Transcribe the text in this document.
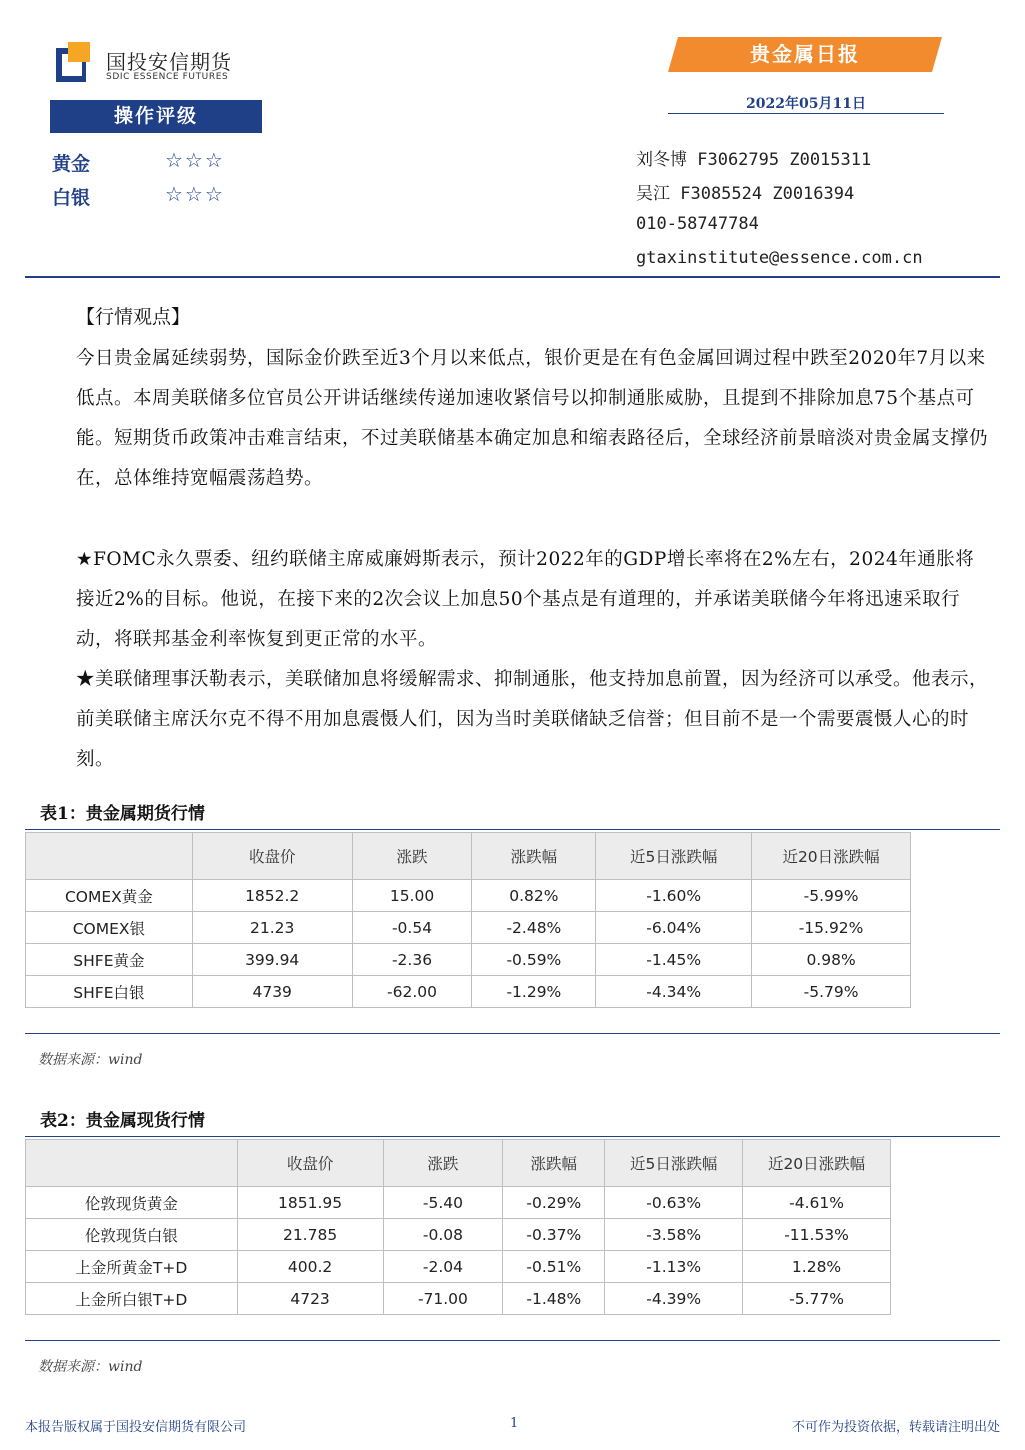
国投安信期货
SDIC ESSENCE FUTURES
操作评级
黄金	☆☆☆
白银	☆☆☆
贵金属日报
2022年05月11日
刘冬博 F3062795 Z0015311
吴江 F3085524 Z0016394
010-58747784
gtaxinstitute@essence.com.cn
【行情观点】

今日贵金属延续弱势，国际金价跌至近3个月以来低点，银价更是在有色金属回调过程中跌至2020年7月以来低点。本周美联储多位官员公开讲话继续传递加速收紧信号以抑制通胀威胁，且提到不排除加息75个基点可能。短期货币政策冲击难言结束，不过美联储基本确定加息和缩表路径后，全球经济前景暗淡对贵金属支撑仍在，总体维持宽幅震荡趋势。

★FOMC永久票委、纽约联储主席威廉姆斯表示，预计2022年的GDP增长率将在2%左右，2024年通胀将接近2%的目标。他说，在接下来的2次会议上加息50个基点是有道理的，并承诺美联储今年将迅速采取行动，将联邦基金利率恢复到更正常的水平。

★美联储理事沃勒表示，美联储加息将缓解需求、抑制通胀，他支持加息前置，因为经济可以承受。他表示，前美联储主席沃尔克不得不用加息震慑人们，因为当时美联储缺乏信誉；但目前不是一个需要震慑人心的时刻。

表1：贵金属期货行情
	收盘价	涨跌	涨跌幅	近5日涨跌幅	近20日涨跌幅
COMEX黄金	1852.2	15.00	0.82%	-1.60%	-5.99%
COMEX银	21.23	-0.54	-2.48%	-6.04%	-15.92%
SHFE黄金	399.94	-2.36	-0.59%	-1.45%	0.98%
SHFE白银	4739	-62.00	-1.29%	-4.34%	-5.79%
数据来源：wind
表2：贵金属现货行情
	收盘价	涨跌	涨跌幅	近5日涨跌幅	近20日涨跌幅
伦敦现货黄金	1851.95	-5.40	-0.29%	-0.63%	-4.61%
伦敦现货白银	21.785	-0.08	-0.37%	-3.58%	-11.53%
上金所黄金T+D	400.2	-2.04	-0.51%	-1.13%	1.28%
上金所白银T+D	4723	-71.00	-1.48%	-4.39%	-5.77%
数据来源：wind
本报告版权属于国投安信期货有限公司	1	不可作为投资依据，转载请注明出处
